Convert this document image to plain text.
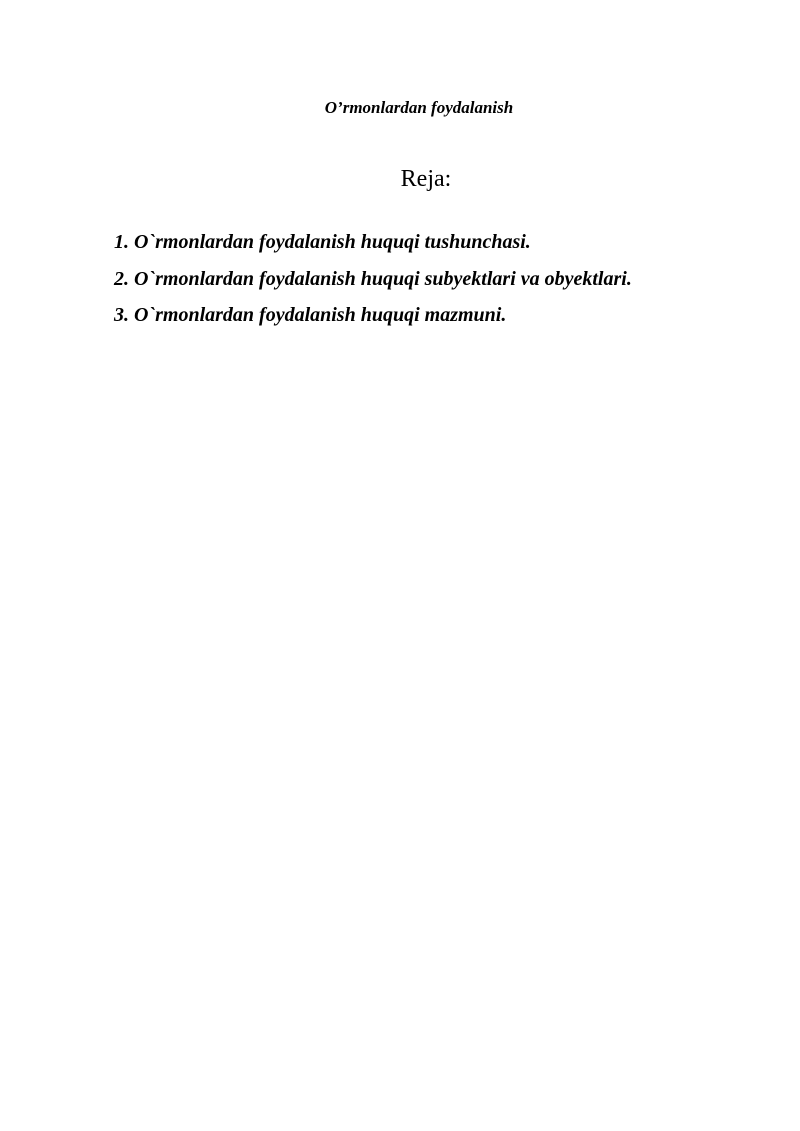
O’rmonlardan foydalanish

Reja:

1. O`rmonlardan foydalanish huquqi tushunchasi.
2. O`rmonlardan foydalanish huquqi subyektlari va obyektlari.
3. O`rmonlardan foydalanish huquqi mazmuni.
